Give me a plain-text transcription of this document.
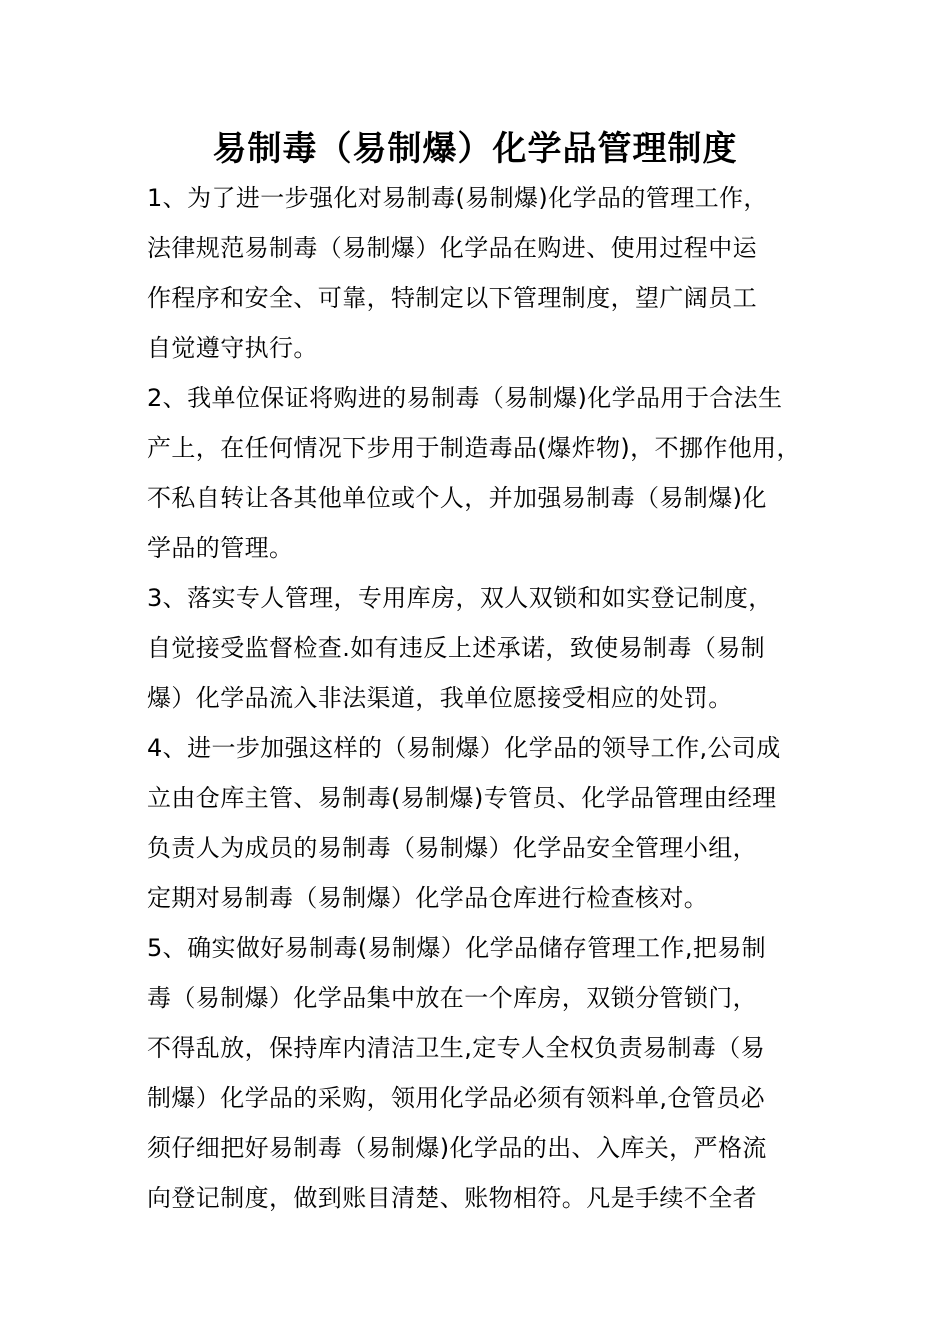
易制毒（易制爆）化学品管理制度
1、为了进一步强化对易制毒(易制爆)化学品的管理工作，
法律规范易制毒（易制爆）化学品在购进、使用过程中运
作程序和安全、可靠，特制定以下管理制度，望广阔员工
自觉遵守执行。
2、我单位保证将购进的易制毒（易制爆)化学品用于合法生
产上，在任何情况下步用于制造毒品(爆炸物)，不挪作他用，
不私自转让各其他单位或个人，并加强易制毒（易制爆)化
学品的管理。
3、落实专人管理，专用库房，双人双锁和如实登记制度，
自觉接受监督检查.如有违反上述承诺，致使易制毒（易制
爆）化学品流入非法渠道，我单位愿接受相应的处罚。
4、进一步加强这样的（易制爆）化学品的领导工作,公司成
立由仓库主管、易制毒(易制爆)专管员、化学品管理由经理
负责人为成员的易制毒（易制爆）化学品安全管理小组，
定期对易制毒（易制爆）化学品仓库进行检查核对。
5、确实做好易制毒(易制爆）化学品储存管理工作,把易制
毒（易制爆）化学品集中放在一个库房，双锁分管锁门，
不得乱放，保持库内清洁卫生,定专人全权负责易制毒（易
制爆）化学品的采购，领用化学品必须有领料单,仓管员必
须仔细把好易制毒（易制爆)化学品的出、入库关，严格流
向登记制度，做到账目清楚、账物相符。凡是手续不全者
